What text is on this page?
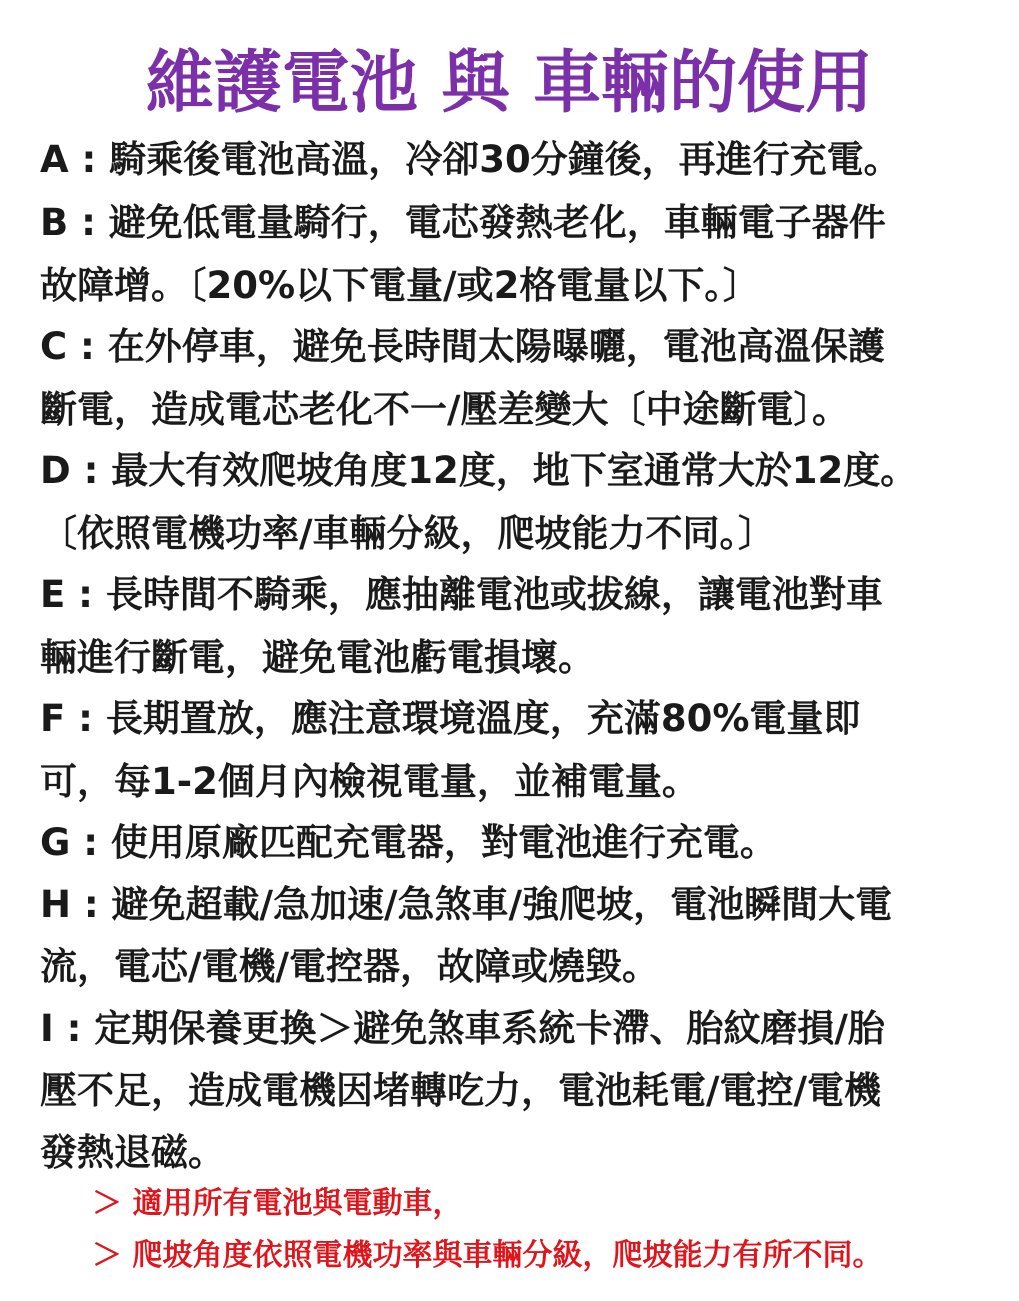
維護電池 與 車輛的使用
A : 騎乘後電池高溫，冷卻30分鐘後，再進行充電。
B : 避免低電量騎行，電芯發熱老化，車輛電子器件
故障增。〔20%以下電量/或2格電量以下。〕
C : 在外停車，避免長時間太陽曝曬，電池高溫保護
斷電，造成電芯老化不一/壓差變大〔中途斷電〕。
D : 最大有效爬坡角度12度，地下室通常大於12度。
〔依照電機功率/車輛分級，爬坡能力不同。〕
E : 長時間不騎乘，應抽離電池或拔線，讓電池對車
輛進行斷電，避免電池虧電損壞。
F : 長期置放，應注意環境溫度，充滿80%電量即
可，每1-2個月內檢視電量，並補電量。
G : 使用原廠匹配充電器，對電池進行充電。
H : 避免超載/急加速/急煞車/強爬坡，電池瞬間大電
流，電芯/電機/電控器，故障或燒毀。
I : 定期保養更換＞避免煞車系統卡滯、胎紋磨損/胎
壓不足，造成電機因堵轉吃力，電池耗電/電控/電機
發熱退磁。
＞ 適用所有電池與電動車，
＞ 爬坡角度依照電機功率與車輛分級，爬坡能力有所不同。
